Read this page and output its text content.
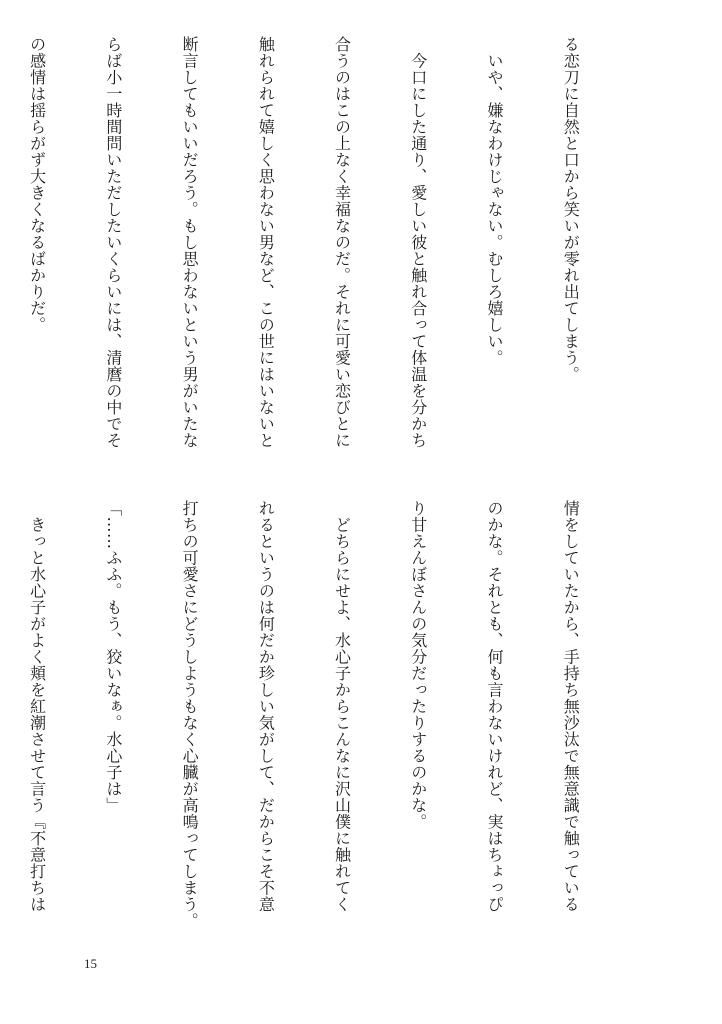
る恋刀に自然と口から笑いが零れ出てしまう。

　いや、嫌なわけじゃない。むしろ嬉しい。

　今口にした通り、愛しい彼と触れ合って体温を分かち

合うのはこの上なく幸福なのだ。それに可愛い恋びとに

触れられて嬉しく思わない男など、この世にはいないと

断言してもいいだろう。もし思わないという男がいたな

らば小一時間問いただしたいくらいには、清麿の中でそ

の感情は揺らがず大きくなるばかりだ。

情をしていたから、手持ち無沙汰で無意識で触っている

のかな。それとも、何も言わないけれど、実はちょっぴ

り甘えんぼさんの気分だったりするのかな。

　どちらにせよ、水心子からこんなに沢山僕に触れてく

れるというのは何だか珍しい気がして、だからこそ不意

打ちの可愛さにどうしようもなく心臓が高鳴ってしまう。

「……ふふ。もう、狡いなぁ。水心子は」

　きっと水心子がよく頬を紅潮させて言う『不意打ちは

15
